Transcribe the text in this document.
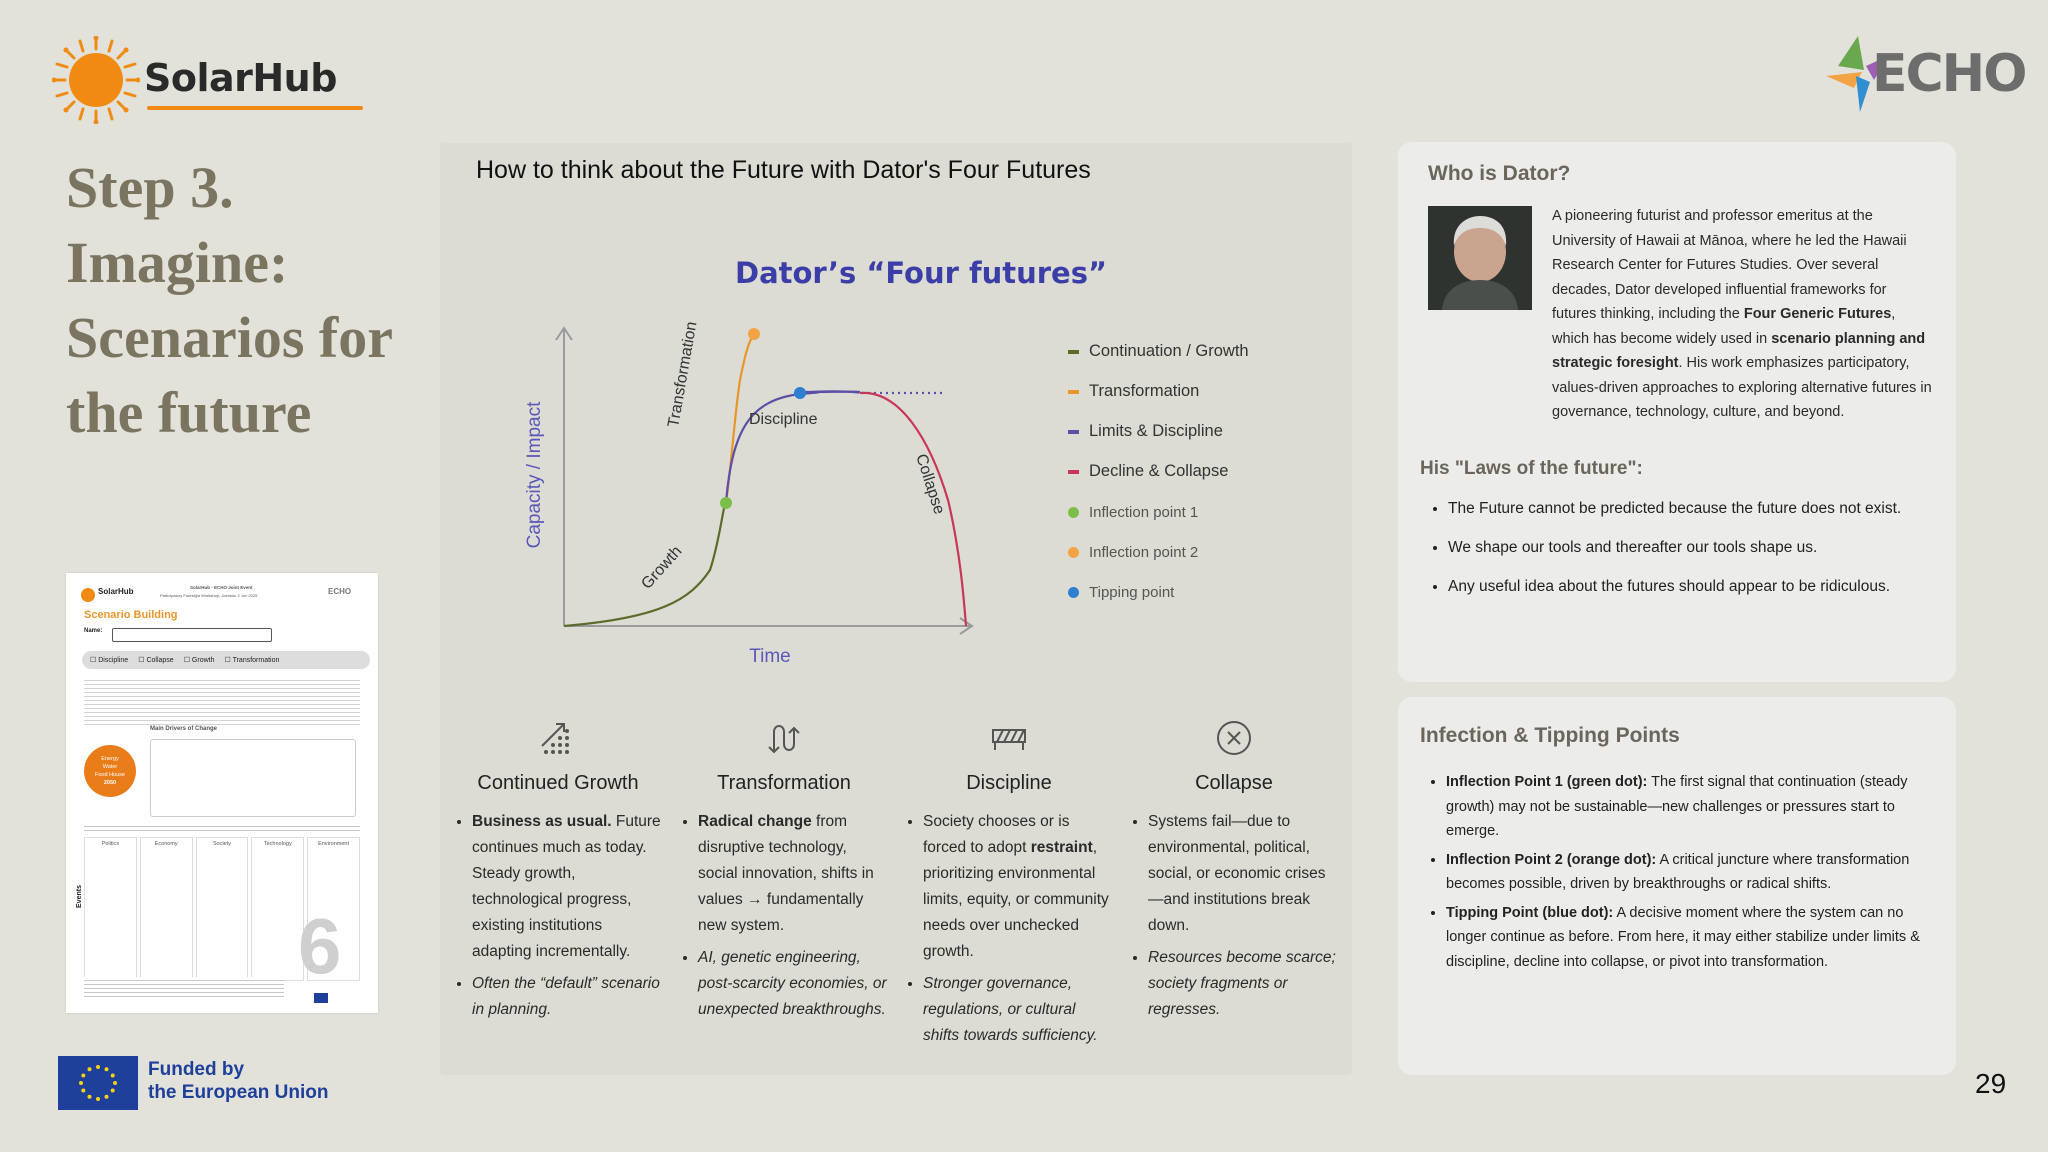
SolarHub	ECHO
Step 3.
Imagine:
Scenarios for
the future
SolarHub	SolarHub - ECHO Joint Event
Participatory Foresight Workshop, Joensuu 2 Jun 2025	ECHO
Scenario Building
Name:
☐ Discipline ☐ Collapse ☐ Growth ☐ Transformation
Main Drivers of Change
Energy
Water
Food House
2050
Politics	Economy	Society	Technology	Environment
Events
6
Funded by
the European Union	29
How to think about the Future with Dator's Four Futures
Dator’s “Four futures”
Capacity / Impact
Time
Growth
Transformation	Discipline
Collapse
Continuation / Growth
Transformation
Limits & Discipline
Decline & Collapse
Inflection point 1
Inflection point 2
Tipping point
Continued Growth
• Business as usual. Future continues much as today. Steady growth, technological progress, existing institutions adapting incrementally.
• Often the “default” scenario in planning.
Transformation
• Radical change from disruptive technology, social innovation, shifts in values → fundamentally new system.
• AI, genetic engineering, post-scarcity economies, or unexpected breakthroughs.
Discipline
• Society chooses or is forced to adopt restraint, prioritizing environmental limits, equity, or community needs over unchecked growth.
• Stronger governance, regulations, or cultural shifts towards sufficiency.
Collapse
• Systems fail—due to environmental, political, social, or economic crises—and institutions break down.
• Resources become scarce; society fragments or regresses.
Who is Dator?
A pioneering futurist and professor emeritus at the University of Hawaii at Mānoa, where he led the Hawaii Research Center for Futures Studies. Over several decades, Dator developed influential frameworks for futures thinking, including the Four Generic Futures, which has become widely used in scenario planning and strategic foresight. His work emphasizes participatory, values-driven approaches to exploring alternative futures in governance, technology, culture, and beyond.
His "Laws of the future":
• The Future cannot be predicted because the future does not exist.
• We shape our tools and thereafter our tools shape us.
• Any useful idea about the futures should appear to be ridiculous.
Infection & Tipping Points
• Inflection Point 1 (green dot): The first signal that continuation (steady growth) may not be sustainable—new challenges or pressures start to emerge.
• Inflection Point 2 (orange dot): A critical juncture where transformation becomes possible, driven by breakthroughs or radical shifts.
• Tipping Point (blue dot): A decisive moment where the system can no longer continue as before. From here, it may either stabilize under limits & discipline, decline into collapse, or pivot into transformation.
